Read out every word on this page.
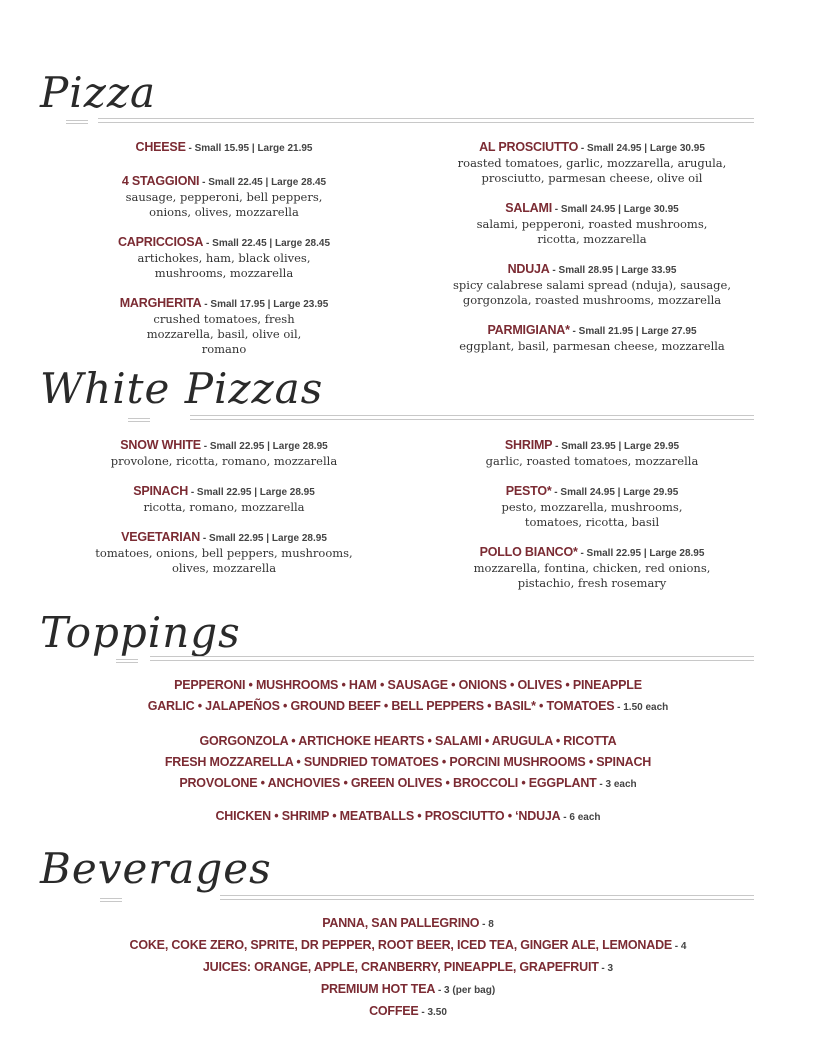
Pizza
CHEESE - Small 15.95 | Large 21.95
4 STAGGIONI - Small 22.45 | Large 28.45
sausage, pepperoni, bell peppers, onions, olives, mozzarella
CAPRICCIOSA - Small 22.45 | Large 28.45
artichokes, ham, black olives, mushrooms, mozzarella
MARGHERITA - Small 17.95 | Large 23.95
crushed tomatoes, fresh mozzarella, basil, olive oil, romano
AL PROSCIUTTO - Small 24.95 | Large 30.95
roasted tomatoes, garlic, mozzarella, arugula, prosciutto, parmesan cheese, olive oil
SALAMI - Small 24.95 | Large 30.95
salami, pepperoni, roasted mushrooms, ricotta, mozzarella
NDUJA - Small 28.95 | Large 33.95
spicy calabrese salami spread (nduja), sausage, gorgonzola, roasted mushrooms, mozzarella
PARMIGIANA* - Small 21.95 | Large 27.95
eggplant, basil, parmesan cheese, mozzarella
White Pizzas
SNOW WHITE - Small 22.95 | Large 28.95
provolone, ricotta, romano, mozzarella
SPINACH - Small 22.95 | Large 28.95
ricotta, romano, mozzarella
VEGETARIAN - Small 22.95 | Large 28.95
tomatoes, onions, bell peppers, mushrooms, olives, mozzarella
SHRIMP - Small 23.95 | Large 29.95
garlic, roasted tomatoes, mozzarella
PESTO* - Small 24.95 | Large 29.95
pesto, mozzarella, mushrooms, tomatoes, ricotta, basil
POLLO BIANCO* - Small 22.95 | Large 28.95
mozzarella, fontina, chicken, red onions, pistachio, fresh rosemary
Toppings
PEPPERONI • MUSHROOMS • HAM • SAUSAGE • ONIONS • OLIVES • PINEAPPLE
GARLIC • JALAPEÑOS • GROUND BEEF • BELL PEPPERS • BASIL* • TOMATOES - 1.50 each
GORGONZOLA • ARTICHOKE HEARTS • SALAMI • ARUGULA • RICOTTA
FRESH MOZZARELLA • SUNDRIED TOMATOES • PORCINI MUSHROOMS • SPINACH
PROVOLONE • ANCHOVIES • GREEN OLIVES • BROCCOLI • EGGPLANT - 3 each
CHICKEN • SHRIMP • MEATBALLS • PROSCIUTTO • ‘NDUJA - 6 each
Beverages
PANNA, SAN PALLEGRINO - 8
COKE, COKE ZERO, SPRITE, DR PEPPER, ROOT BEER, ICED TEA, GINGER ALE, LEMONADE - 4
JUICES: ORANGE, APPLE, CRANBERRY, PINEAPPLE, GRAPEFRUIT - 3
PREMIUM HOT TEA - 3 (per bag)
COFFEE - 3.50
